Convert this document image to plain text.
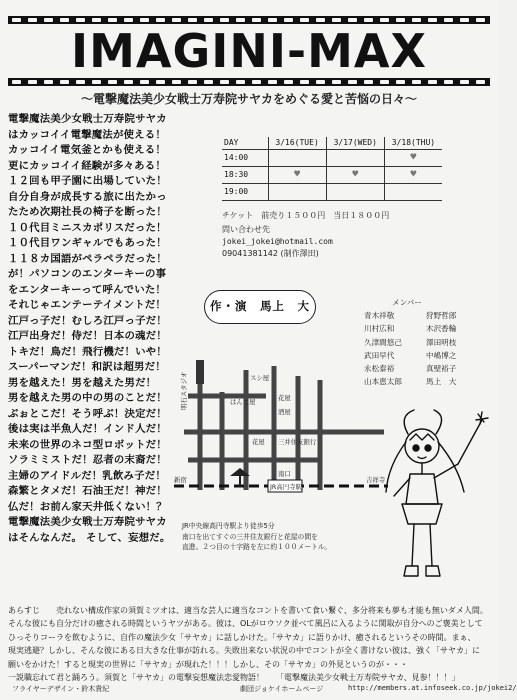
IMAGINI-MAX
〜電撃魔法美少女戦士万寿院サヤカをめぐる愛と苦悩の日々〜
電撃魔法美少女戦士万寿院サヤカ
はカッコイイ電撃魔法が使える！
カッコイイ電気釜とかも使える！
更にカッコイイ経験が多々ある！
１２回も甲子園に出場していた！
自分自身が成長する旅に出たかっ
たため次期社長の椅子を断った！
１０代目ミニスカポリスだった！
１０代目ワンギャルでもあった！
１１８カ国語がペラペラだった！
が！パソコンのエンターキーの事
をエンターキーって呼んでいた！
それじゃエンテーテイメントだ！
江戸っ子だ！むしろ江戸っ子だ！
江戸出身だ！侍だ！日本の魂だ！
トキだ！鳥だ！飛行機だ！いや！
スーパーマンだ！和訳は超男だ！
男を越えた！男を越えた男だ！
男を越えた男の中の男のことだ！
ぶぉとこだ！そう呼ぶ！決定だ！
後は実は半魚人だ！インド人だ！
未来の世界のネコ型ロボットだ！
ソラミミストだ！忍者の末裔だ！
主婦のアイドルだ！乳飲み子だ！
森繁とタメだ！石油王だ！神だ！
仏だ！お前ん家天井低くない！？
電撃魔法美少女戦士万寿院サヤカ
はそんなんだ。 そして、妄想だ。
DAY	3/16(TUE)	3/17(WED)	3/18(THU)
14:00			♥
18:30	♥	♥	♥
19:00			
チケット　前売り１５００円　当日１８００円
問い合わせ先
jokei_jokei@hotmail.com
09041381142 (制作澤田)
作・演　馬上　大	メンバー
青木祥敬	狩野哲郎
川村広和	木沢香輪
久津間悠己	澤田明枝
武田早代	中嶋博之
永松泰裕	真壁裕子
山本恵太郎	馬上　大
スシ屋
はんこ屋	花屋
酒屋
花屋 三井住友銀行
明石スタジオ
新宿	吉祥寺
南口
JR高円寺駅
JR中央線高円寺駅より徒歩5分
南口を出てすぐの三井住友銀行と花屋の間を
直進。２つ目の十字路を左に約１００メートル。
あらすじ　　売れない構成作家の須賀ミツオは、適当な芸人に適当なコントを書いて食い繋ぐ、多分将来も夢も才能も無いダメ人間。
そんな彼にも自分だけの癒される時間というヤツがある。彼は、OLがロウソク並べて風呂に入るように関取が自分へのご褒美として
ひっそりコーラを飲むように、自作の魔法少女「サヤカ」に話しかけた。「サヤカ」に語りかけ、癒されるというその時間。まぁ、
現実逃避？しかし、そんな彼にある日大きな仕事が訪れる。失敗出来ない状況の中でコントが全く書けない彼は、強く「サヤカ」に
願いをかけた！すると現実の世界に「サヤカ」が現れた！！！しかし、その「サヤカ」の外見というのが・・・
一説職忘れて君と踊ろう。須賀と「サヤカ」の電撃妄想魔法恋愛物語！　　「電撃魔法美少女戦士万寿院サヤカ、見参！！！」
フライヤーデザイン・鈴木貴紀	劇団ジョケイホームページ	http://members.at.infoseek.co.jp/jokei2/
